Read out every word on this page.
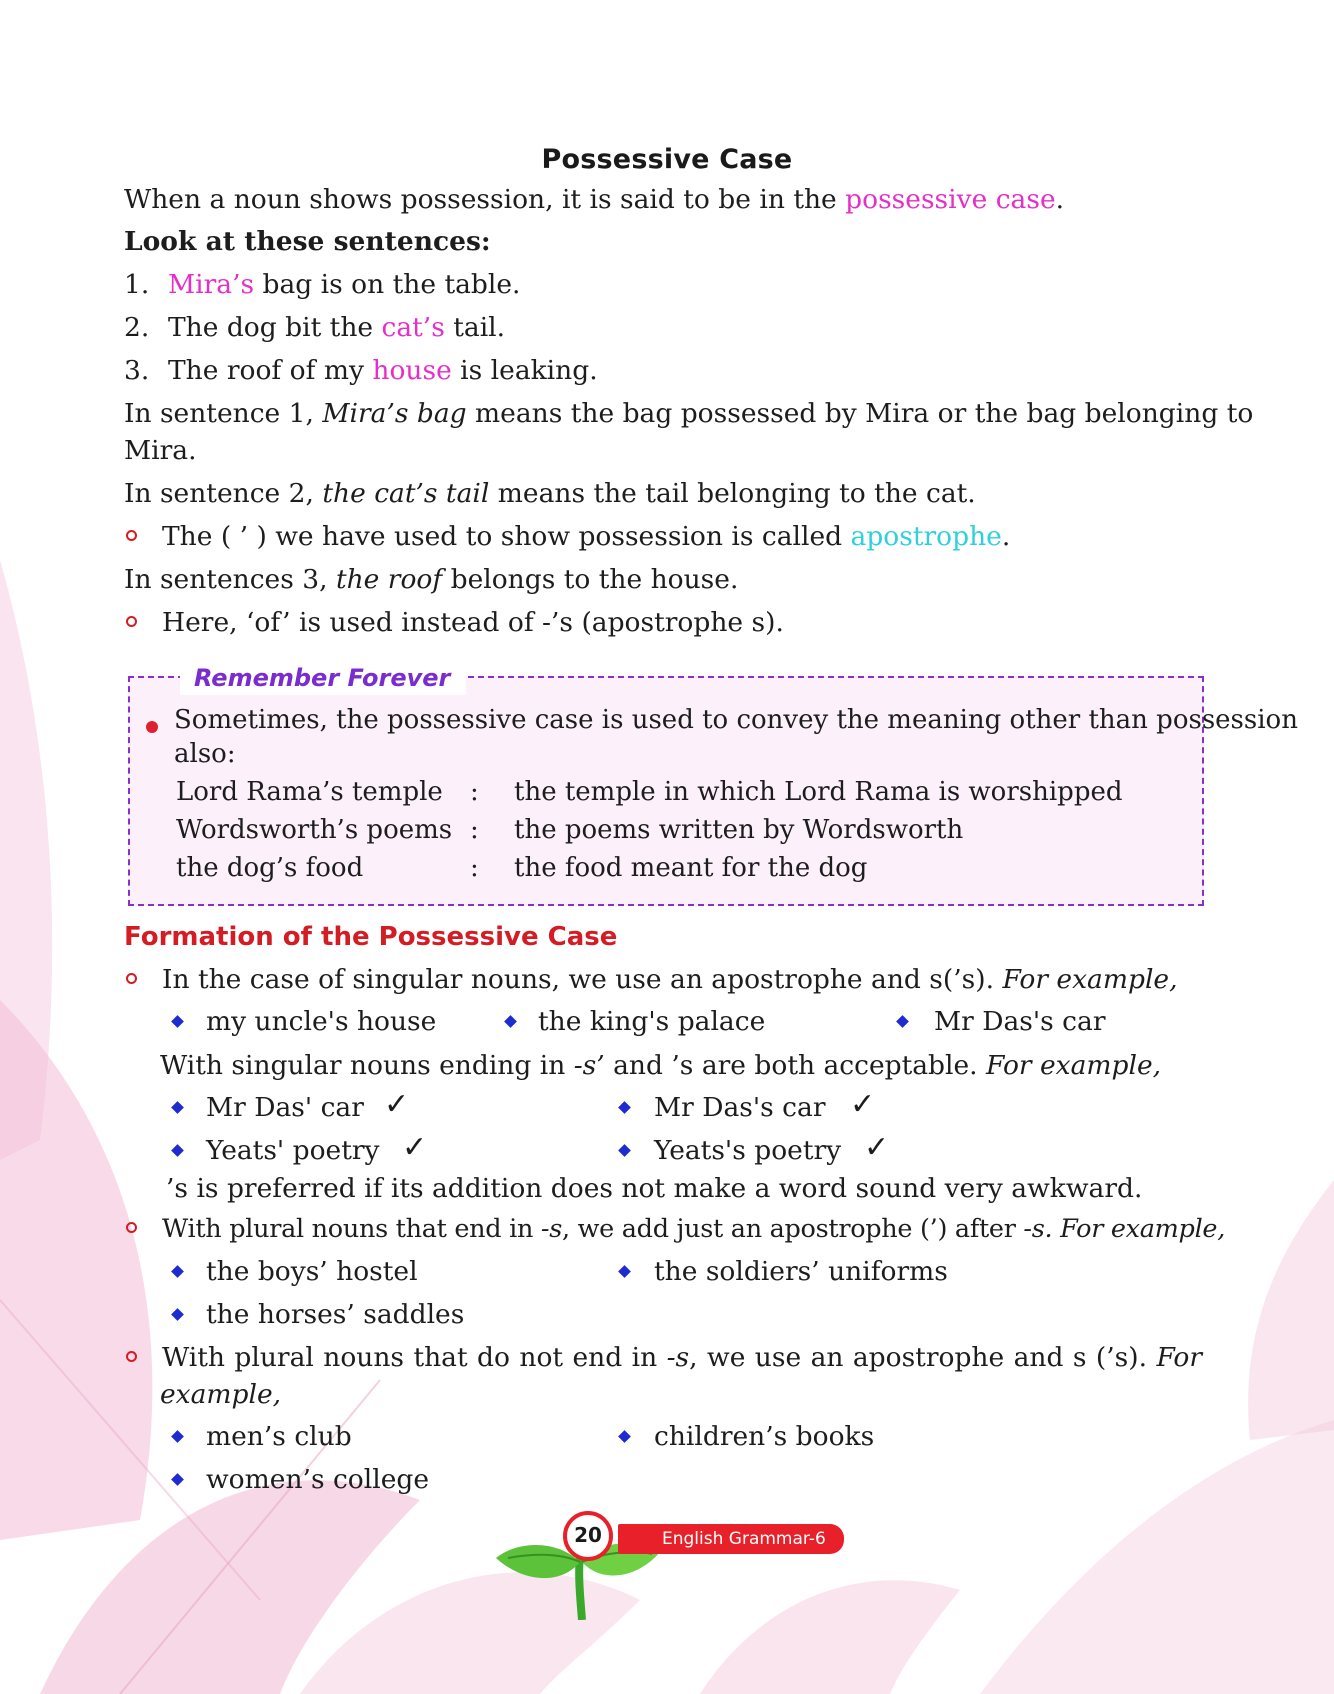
Possessive Case
When a noun shows possession, it is said to be in the possessive case.
Look at these sentences:
1. Mira’s bag is on the table.
2. The dog bit the cat’s tail.
3. The roof of my house is leaking.
In sentence 1, Mira’s bag means the bag possessed by Mira or the bag belonging to
Mira.
In sentence 2, the cat’s tail means the tail belonging to the cat.
The ( ’ ) we have used to show possession is called apostrophe.
In sentences 3, the roof belongs to the house.
Here, ‘of’ is used instead of -’s (apostrophe s).
Remember Forever
Sometimes, the possessive case is used to convey the meaning other than possession
also:
Lord Rama’s temple : the temple in which Lord Rama is worshipped
Wordsworth’s poems : the poems written by Wordsworth
the dog’s food	: the food meant for the dog
Formation of the Possessive Case
In the case of singular nouns, we use an apostrophe and s(’s). For example,
my uncle's house	the king's palace	Mr Das's car
With singular nouns ending in -s’ and ’s are both acceptable. For example,
Mr Das' car ✓	Mr Das's car ✓
Yeats' poetry ✓	Yeats's poetry ✓
’s is preferred if its addition does not make a word sound very awkward.
With plural nouns that end in -s, we add just an apostrophe (’) after -s. For example,
the boys’ hostel	the soldiers’ uniforms
the horses’ saddles
With plural nouns that do not end in -s, we use an apostrophe and s (’s). For
example,
men’s club	children’s books
women’s college
English Grammar-6
20
